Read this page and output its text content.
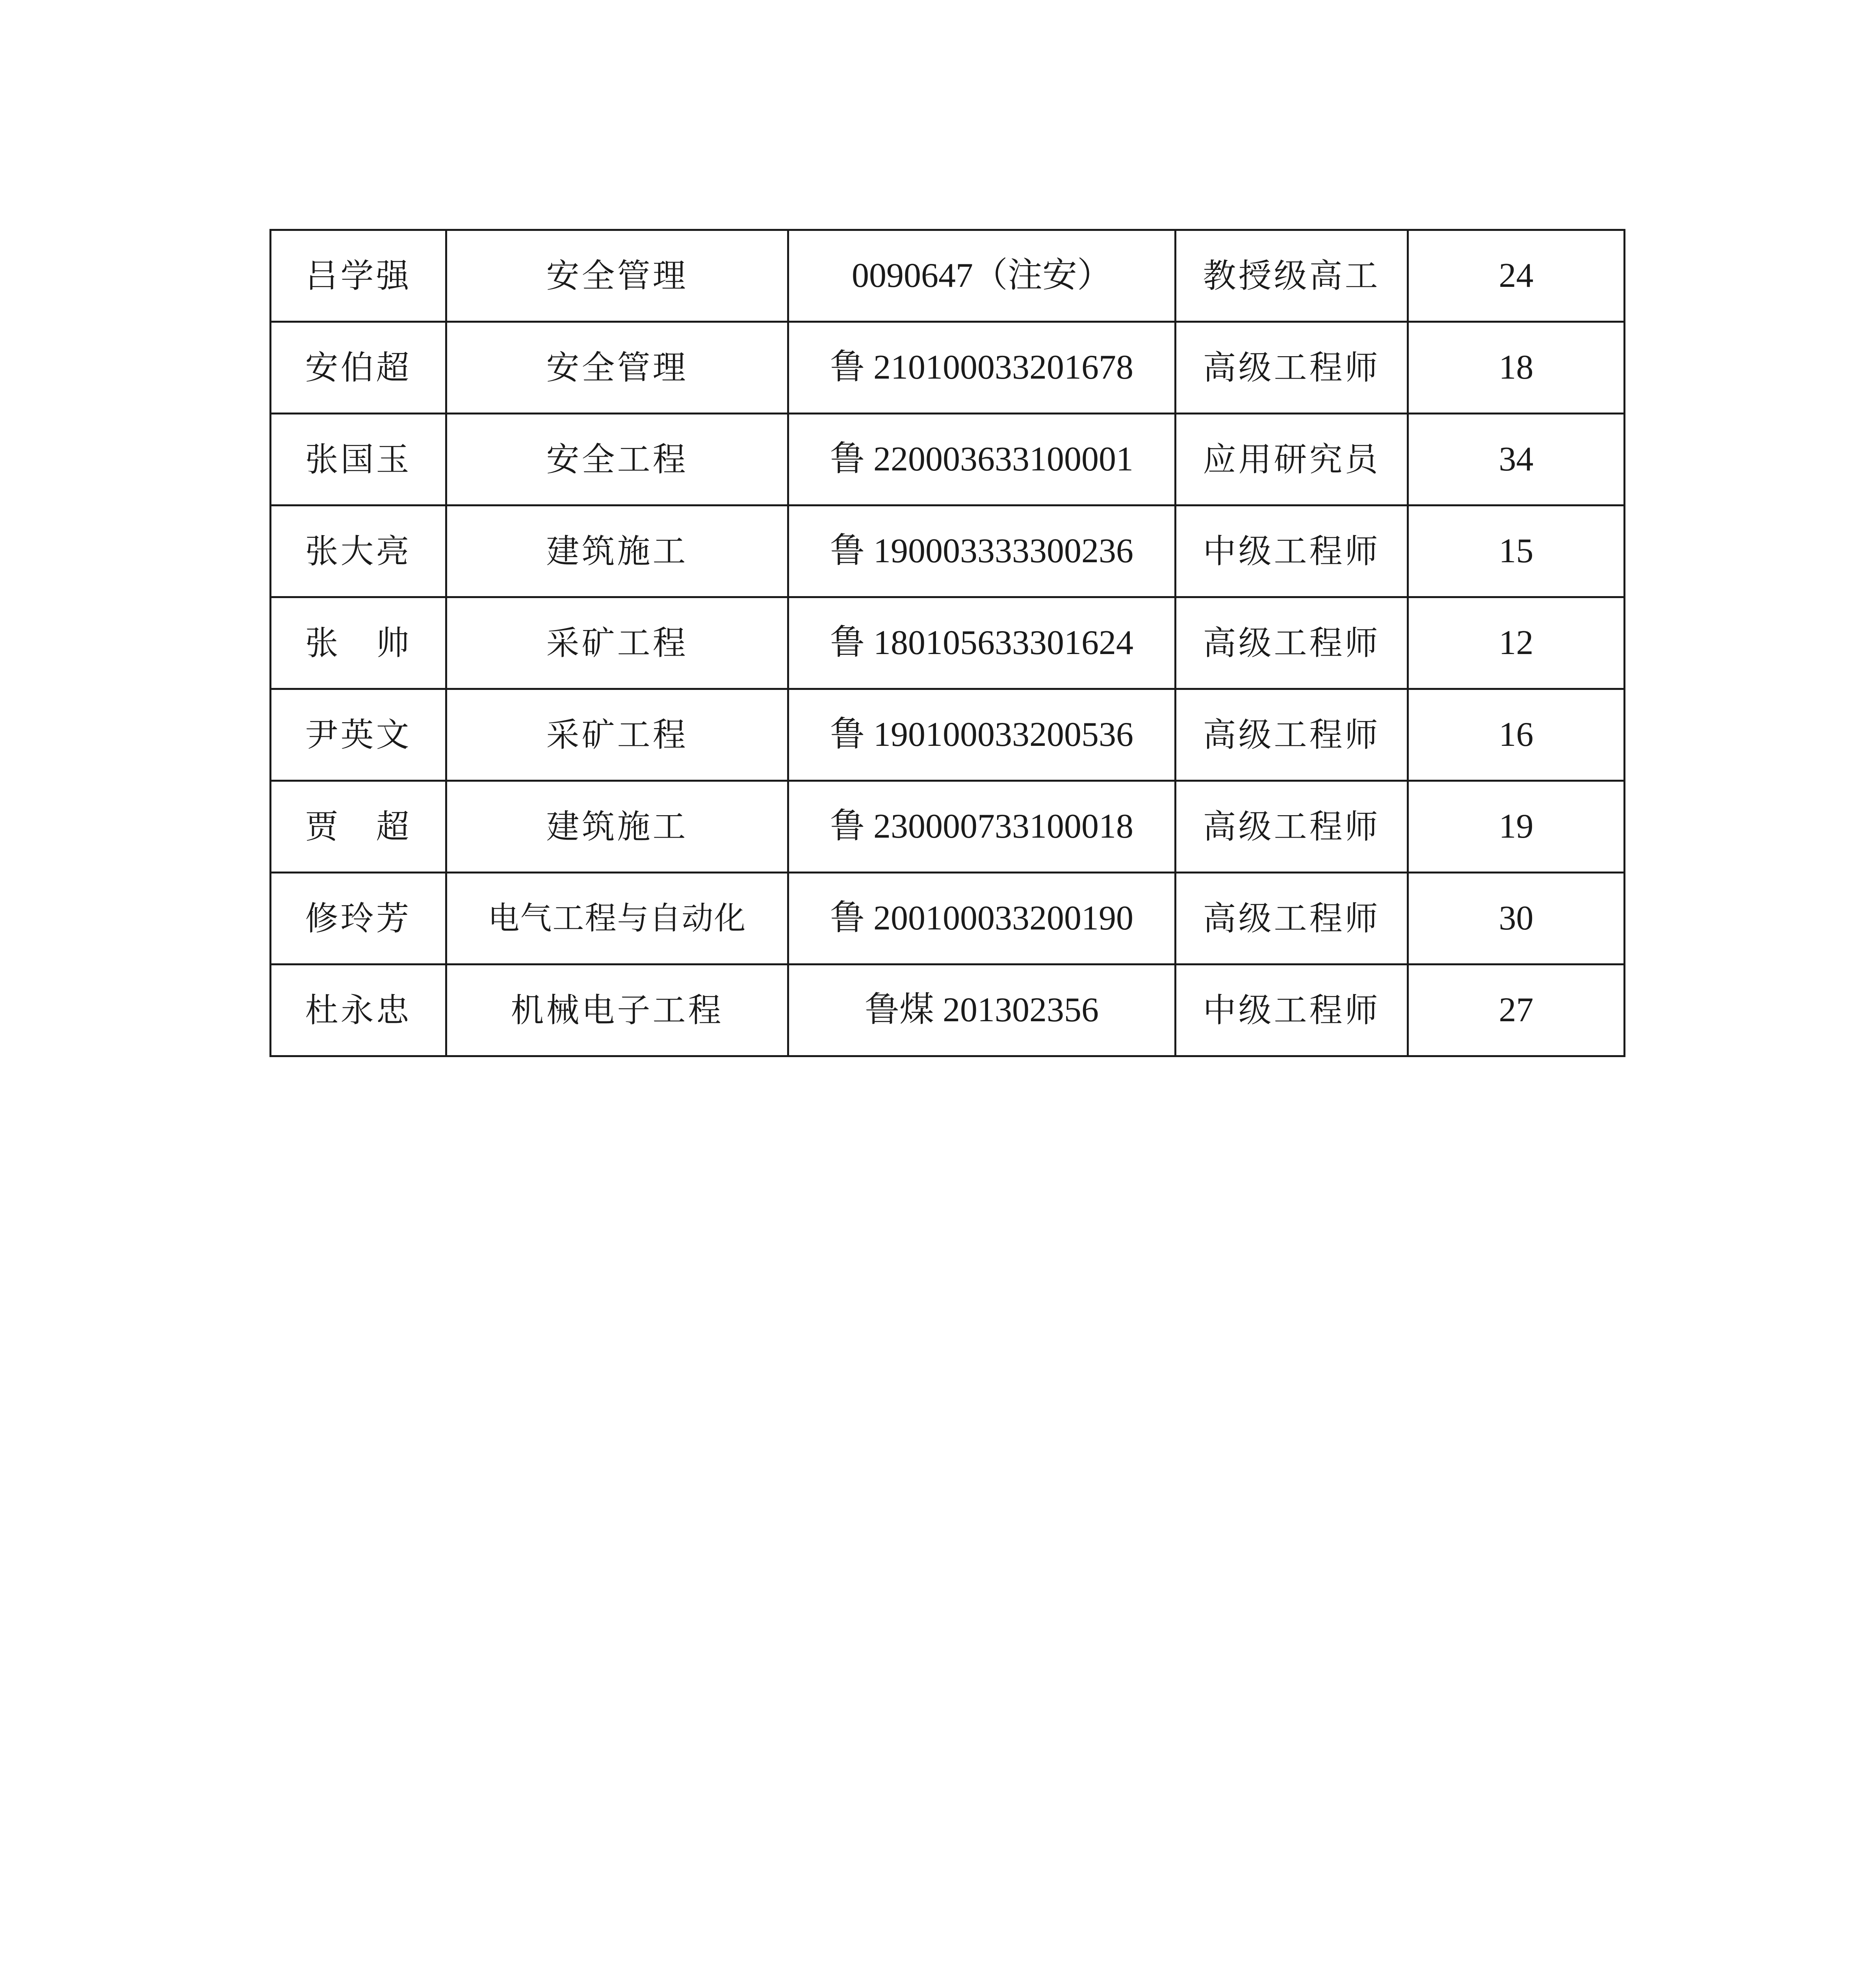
吕学强	安全管理	0090647（注安）	教授级高工	24
安伯超	安全管理	鲁 210100033201678	高级工程师	18
张国玉	安全工程	鲁 220003633100001	应用研究员	34
张大亮	建筑施工	鲁 190003333300236	中级工程师	15
张　帅	采矿工程	鲁 180105633301624	高级工程师	12
尹英文	采矿工程	鲁 190100033200536	高级工程师	16
贾　超	建筑施工	鲁 230000733100018	高级工程师	19
修玲芳	电气工程与自动化	鲁 200100033200190	高级工程师	30
杜永忠	机械电子工程	鲁煤 201302356	中级工程师	27
